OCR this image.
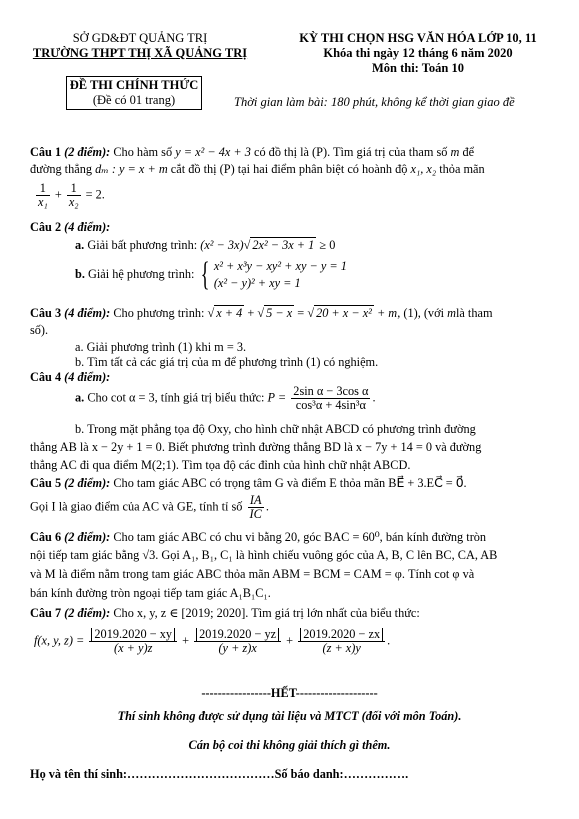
SỞ GD&ĐT QUẢNG TRỊ
TRƯỜNG THPT THỊ XÃ QUẢNG TRỊ
KỲ THI CHỌN HSG VĂN HÓA LỚP 10, 11
Khóa thi ngày 12 tháng 6 năm 2020
Môn thi: Toán 10
ĐỀ THI CHÍNH THỨC
(Đề có 01 trang)	Thời gian làm bài: 180 phút, không kể thời gian giao đề
Câu 1 (2 điểm): Cho hàm số y = x² − 4x + 3 có đồ thị là (P). Tìm giá trị của tham số m để
đường thẳng dₘ : y = x + m cắt đồ thị (P) tại hai điểm phân biệt có hoành độ x₁, x₂ thỏa mãn
$\frac{1}{\text{x₁}} + \frac{1}{\text{x₂}} = 2$.
Câu 2 (4 điểm):
a. Giải bất phương trình: (x² − 3x)√ 2x² − 3x + 1 ≥ 0
b. Giải hệ phương trình: { x² + x³y − xy² + xy − y = 1
(x² − y)² + xy = 1
Câu 3 (4 điểm): Cho phương trình: √ x + 4 + √ 5 − x = √ 20 + x − x² + m, (1), (với mlà tham
số).
a. Giải phương trình (1) khi m = 3.
b. Tìm tất cả các giá trị của m để phương trình (1) có nghiệm.
Câu 4 (4 điểm):
a. Cho cot α = 3, tính giá trị biểu thức: $P = \frac{\text{2sin α − 3cos α}}{\text{cos³α + 4sin³α}}$ .
b. Trong mặt phẳng tọa độ Oxy, cho hình chữ nhật ABCD có phương trình đường
thẳng AB là x − 2y + 1 = 0. Biết phương trình đường thẳng BD là x − 7y + 14 = 0 và đường
thẳng AC đi qua điểm M(2;1). Tìm tọa độ các đỉnh của hình chữ nhật ABCD.
Câu 5 (2 điểm): Cho tam giác ABC có trọng tâm G và điểm E thỏa mãn BE⃗ + 3.EC⃗ = 0⃗.
Gọi I là giao điểm của AC và GE, tính tỉ số $\frac{IA}{IC}$ .
Câu 6 (2 điểm): Cho tam giác ABC có chu vi bằng 20, góc BAC = 60⁰, bán kính đường tròn
nội tiếp tam giác bằng √3. Gọi A₁, B₁, C₁ là hình chiếu vuông góc của A, B, C lên BC, CA, AB
và M là điểm nằm trong tam giác ABC thỏa mãn ABM = BCM = CAM = φ. Tính cot φ và
bán kính đường tròn ngoại tiếp tam giác A₁B₁C₁.
Câu 7 (2 điểm): Cho x, y, z ∈ [2019; 2020]. Tìm giá trị lớn nhất của biểu thức:
f(x, y, $z) = \frac{2019.2020 - xy}{(x + y)z} + \frac{2019.2020 - yz}{(y + z)x} + \frac{2019.2020 - zx}{(z + x)y}$ .
-----------------HẾT--------------------
Thí sinh không được sử dụng tài liệu và MTCT (đối với môn Toán).
Cán bộ coi thi không giải thích gì thêm.
Họ và tên thí sinh:………………………………Số báo danh:…………….
